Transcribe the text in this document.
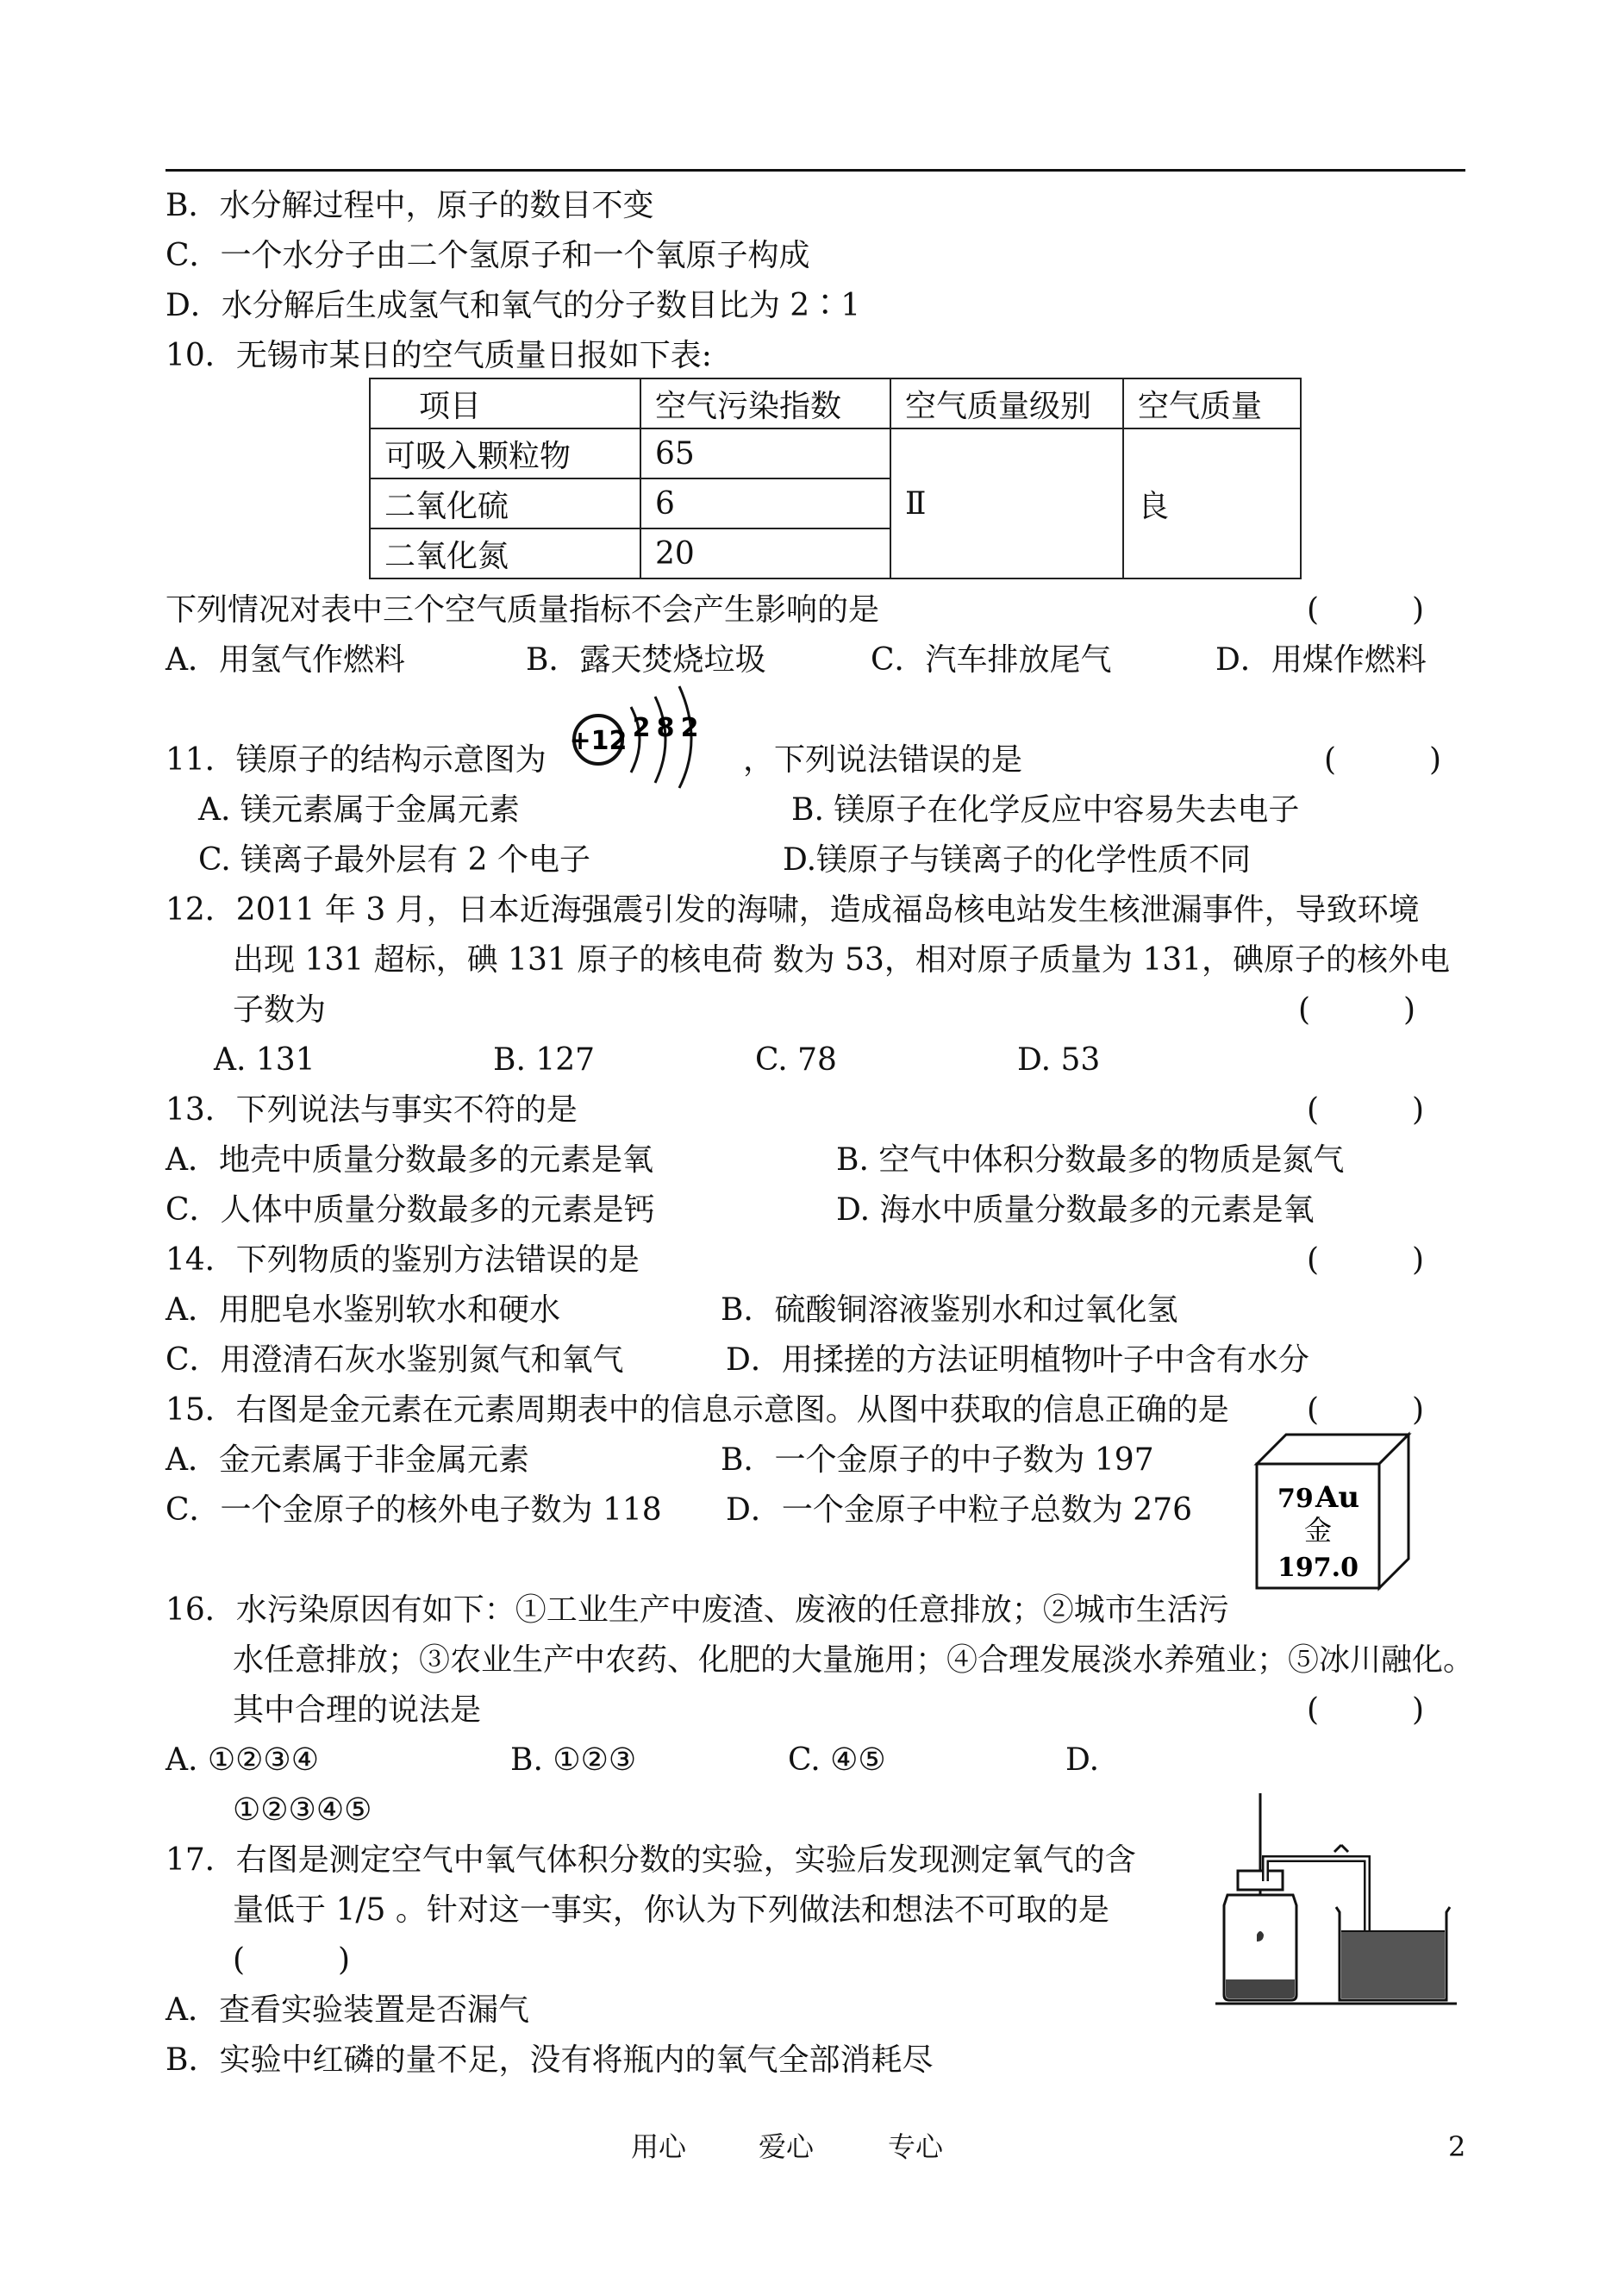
B．水分解过程中，原子的数目不变
C．一个水分子由二个氢原子和一个氧原子构成
D．水分解后生成氢气和氧气的分子数目比为 2∶1
10．无锡市某日的空气质量日报如下表:
项目	空气污染指数	空气质量级别	空气质量
可吸入颗粒物	65	Ⅱ	良
二氧化硫	6		
二氧化氮	20		
下列情况对表中三个空气质量指标不会产生影响的是	(　　　)
A．用氢气作燃料	B．露天焚烧垃圾	C．汽车排放尾气	D．用煤作燃料
11．镁原子的结构示意图为
+12 2 8 2
，下列说法错误的是	(　　　)
A. 镁元素属于金属元素	B. 镁原子在化学反应中容易失去电子
C. 镁离子最外层有 2 个电子	D.镁原子与镁离子的化学性质不同
12．2011 年 3 月，日本近海强震引发的海啸，造成福岛核电站发生核泄漏事件，导致环境
出现 131 超标，碘 131 原子的核电荷 数为 53，相对原子质量为 131，碘原子的核外电
子数为	(　　　)
A. 131	B. 127	C. 78	D. 53
13．下列说法与事实不符的是	(　　　)
A．地壳中质量分数最多的元素是氧	B. 空气中体积分数最多的物质是氮气
C．人体中质量分数最多的元素是钙	D. 海水中质量分数最多的元素是氧
14．下列物质的鉴别方法错误的是	(　　　)
A．用肥皂水鉴别软水和硬水	B．硫酸铜溶液鉴别水和过氧化氢
C．用澄清石灰水鉴别氮气和氧气	D．用揉搓的方法证明植物叶子中含有水分
15．右图是金元素在元素周期表中的信息示意图。从图中获取的信息正确的是	(　　　)
A．金元素属于非金属元素	B．一个金原子的中子数为 197
C．一个金原子的核外电子数为 118 D．一个金原子中粒子总数为 276	79 Au
金
197.0
16．水污染原因有如下：①工业生产中废渣、废液的任意排放；②城市生活污
水任意排放；③农业生产中农药、化肥的大量施用；④合理发展淡水养殖业；⑤冰川融化。
其中合理的说法是	(　　　)
A. ①②③④	B. ①②③	C. ④⑤	D.
①②③④⑤
17．右图是测定空气中氧气体积分数的实验，实验后发现测定氧气的含
量低于 1/5 。针对这一事实，你认为下列做法和想法不可取的是
(　　　)
A．查看实验装置是否漏气
B．实验中红磷的量不足，没有将瓶内的氧气全部消耗尽
用心	爱心	专心	2
